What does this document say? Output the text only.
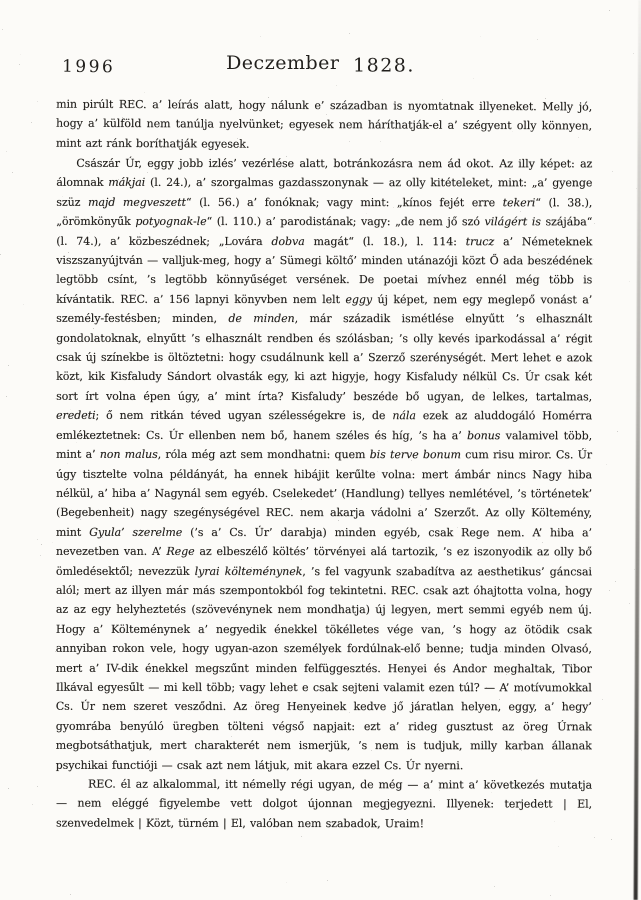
1996	Deczember 1828.

min pirúlt REC. a’ leírás alatt, hogy nálunk e’ században is nyomtatnak illyeneket. Melly jó, hogy a’ külföld nem tanúlja nyelvünket; egyesek nem háríthatják-el a’ szégyent olly könnyen, mint azt ránk boríthatják egyesek.

Császár Úr, eggy jobb izlés’ vezérlése alatt, botránkozásra nem ád okot. Az illy képet: az álomnak mákjai (l. 24.), a’ szorgalmas gazdasszonynak — az olly kitételeket, mint: „a’ gyenge szüz majd megveszett“ (l. 56.) a’ fonóknak; vagy mint: „kínos fejét erre tekeri“ (l. 38.), „örömkönyűk potyognak-le“ (l. 110.) a’ parodistának; vagy: „de nem jő szó világért is szájába“ (l. 74.), a’ közbeszédnek; „Lovára dobva magát“ (l. 18.), l. 114: trucz a’ Németeknek viszszanyújtván — valljuk-meg, hogy a’ Sümegi költő’ minden utánazóji közt Ő ada beszédének legtöbb csínt, ’s legtöbb könnyűséget versének. De poetai mívhez ennél még több is kívántatik. REC. a’ 156 lapnyi könyvben nem lelt eggy új képet, nem egy meglepő vonást a’ személy-festésben; minden, de minden, már századik ismétlése elnyűtt ’s elhasznált gondolatoknak, elnyűtt ’s elhasznált rendben és szólásban; ’s olly kevés iparkodással a’ régit csak új színekbe is öltöztetni: hogy csudálnunk kell a’ Szerző szerénységét. Mert lehet e azok közt, kik Kisfaludy Sándort olvasták egy, ki azt higyje, hogy Kisfaludy nélkül Cs. Úr csak két sort írt volna épen úgy, a’ mint írta? Kisfaludy’ beszéde bő ugyan, de lelkes, tartalmas, eredeti; ő nem ritkán téved ugyan szélességekre is, de nála ezek az aluddogáló Homérra emlékeztetnek: Cs. Úr ellenben nem bő, hanem széles és híg, ’s ha a’ bonus valamivel több, mint a’ non malus, róla még azt sem mondhatni: quem bis terve bonum cum risu miror. Cs. Úr úgy tisztelte volna példányát, ha ennek hibájit kerűlte volna: mert ámbár nincs Nagy hiba nélkül, a’ hiba a’ Nagynál sem egyéb. Cselekedet’ (Handlung) tellyes nemlétével, ’s történetek’ (Begebenheit) nagy szegénységével REC. nem akarja vádolni a’ Szerzőt. Az olly Költemény, mint Gyula’ szerelme (’s a’ Cs. Úr’ darabja) minden egyéb, csak Rege nem. A’ hiba a’ nevezetben van. A’ Rege az elbeszélő költés’ törvényei alá tartozik, ’s ez iszonyodik az olly bő ömledésektől; nevezzük lyrai költeménynek, ’s fel vagyunk szabadítva az aesthetikus’ gáncsai alól; mert az illyen már más szempontokból fog tekintetni. REC. csak azt óhajtotta volna, hogy az az egy helyheztetés (szövevénynek nem mondhatja) új legyen, mert semmi egyéb nem új. Hogy a’ Költeménynek a’ negyedik énekkel tökélletes vége van, ’s hogy az ötödik csak annyiban rokon vele, hogy ugyan-azon személyek fordúlnak-elő benne; tudja minden Olvasó, mert a’ IV-dik énekkel megszűnt minden felfüggesztés. Henyei és Andor meghaltak, Tibor Ilkával egyesűlt — mi kell több; vagy lehet e csak sejteni valamit ezen túl? — A’ motívumokkal Cs. Úr nem szeret vesződni. Az öreg Henyeinek kedve jő járatlan helyen, eggy, a’ hegy’ gyomrába benyúló üregben tölteni végső napjait: ezt a’ rideg gusztust az öreg Úrnak megbotsáthatjuk, mert charakterét nem ismerjük, ’s nem is tudjuk, milly karban állanak psychikai functióji — csak azt nem látjuk, mit akara ezzel Cs. Úr nyerni.

REC. él az alkalommal, itt némelly régi ugyan, de még — a’ mint a’ következés mutatja — nem eléggé figyelembe vett dolgot újonnan megjegyezni. Illyenek: terjedett | El, szenvedelmek | Közt, türném | El, valóban nem szabadok, Uraim!
